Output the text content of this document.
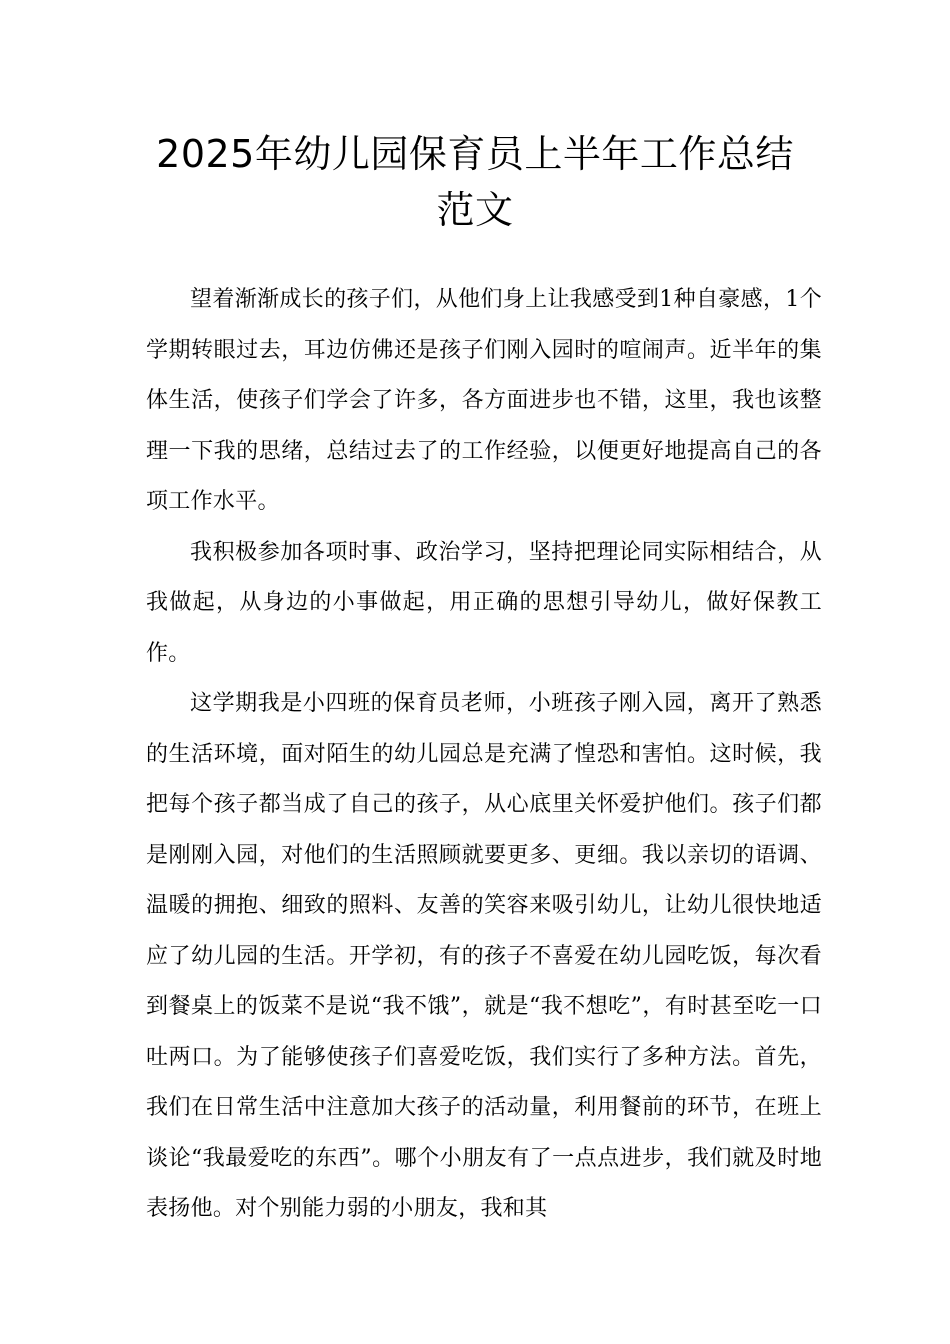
2025年幼儿园保育员上半年工作总结范文

望着渐渐成长的孩子们，从他们身上让我感受到1种自豪感，1个学期转眼过去，耳边仿佛还是孩子们刚入园时的喧闹声。近半年的集体生活，使孩子们学会了许多，各方面进步也不错，这里，我也该整理一下我的思绪，总结过去了的工作经验，以便更好地提高自己的各项工作水平。

我积极参加各项时事、政治学习，坚持把理论同实际相结合，从我做起，从身边的小事做起，用正确的思想引导幼儿，做好保教工作。

这学期我是小四班的保育员老师，小班孩子刚入园，离开了熟悉的生活环境，面对陌生的幼儿园总是充满了惶恐和害怕。这时候，我把每个孩子都当成了自己的孩子，从心底里关怀爱护他们。孩子们都是刚刚入园，对他们的生活照顾就要更多、更细。我以亲切的语调、温暖的拥抱、细致的照料、友善的笑容来吸引幼儿，让幼儿很快地适应了幼儿园的生活。开学初，有的孩子不喜爱在幼儿园吃饭，每次看到餐桌上的饭菜不是说“我不饿”，就是“我不想吃”，有时甚至吃一口吐两口。为了能够使孩子们喜爱吃饭，我们实行了多种方法。首先，我们在日常生活中注意加大孩子的活动量，利用餐前的环节，在班上谈论“我最爱吃的东西”。哪个小朋友有了一点点进步，我们就及时地表扬他。对个别能力弱的小朋友，我和其
